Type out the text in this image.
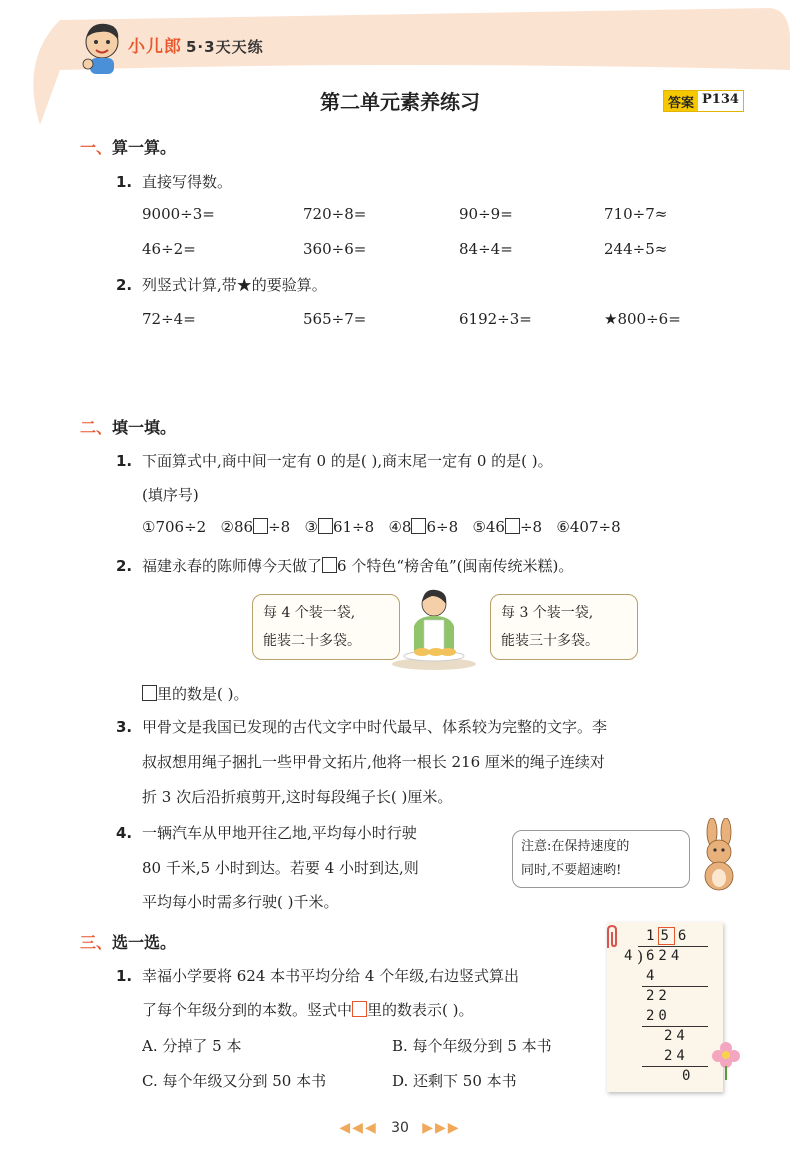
小儿郎 5·3天天练
第二单元素养练习	答案 P134
一、算一算。
1. 直接写得数。
9000÷3=	720÷8=	90÷9=	710÷7≈
46÷2=	360÷6=	84÷4=	244÷5≈
2. 列竖式计算,带★的要验算。
72÷4=	565÷7=	6192÷3=	★800÷6=
二、填一填。
1. 下面算式中,商中间一定有 0 的是( ),商末尾一定有 0 的是( )。
(填序号)
①706÷2 ②86 ÷8 ③ 61÷8 ④8 6÷8 ⑤46 ÷8 ⑥407÷8
2. 福建永春的陈师傅今天做了 6 个特色“榜舍龟”(闽南传统米糕)。
每 4 个装一袋,
能装二十多袋。
每 3 个装一袋,
能装三十多袋。
里的数是( )。
3. 甲骨文是我国已发现的古代文字中时代最早、体系较为完整的文字。李
叔叔想用绳子捆扎一些甲骨文拓片,他将一根长 216 厘米的绳子连续对
折 3 次后沿折痕剪开,这时每段绳子长( )厘米。
4. 一辆汽车从甲地开往乙地,平均每小时行驶
80 千米,5 小时到达。若要 4 小时到达,则
平均每小时需多行驶( )千米。
注意:在保持速度的
同时,不要超速哟!
三、选一选。
1. 幸福小学要将 624 本书平均分给 4 个年级,右边竖式算出
了每个年级分到的本数。竖式中 里的数表示( )。
A. 分掉了 5 本	B. 每个年级分到 5 本书
C. 每个年级又分到 50 本书	D. 还剩下 50 本书
1 5 6
4 ) 624
4
22
20
24
24
0
◀◀◀ 30 ▶▶▶
